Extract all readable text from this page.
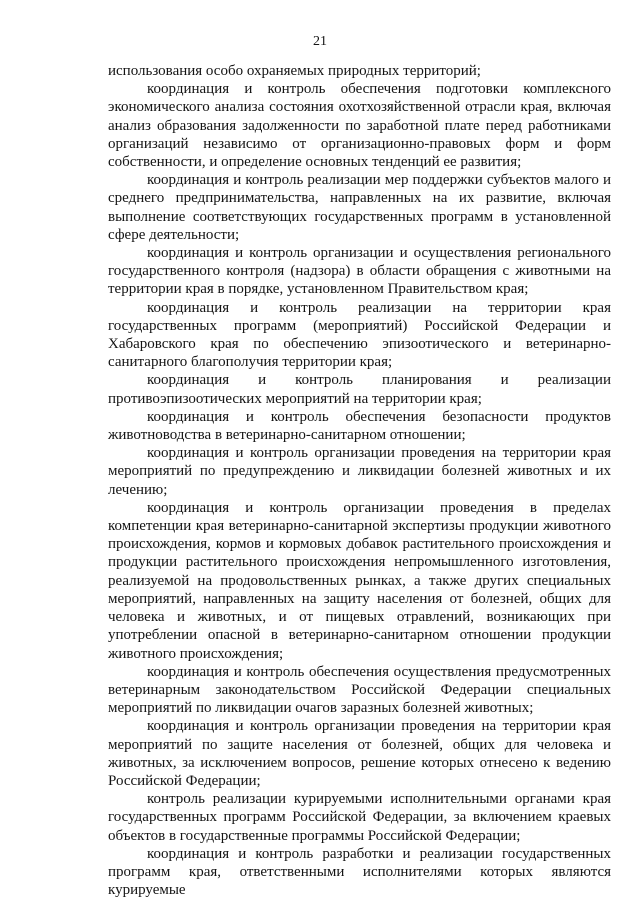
21

использования особо охраняемых природных территорий;

координация и контроль обеспечения подготовки комплексного экономического анализа состояния охотхозяйственной отрасли края, включая анализ образования задолженности по заработной плате перед работниками организаций независимо от организационно-правовых форм и форм собственности, и определение основных тенденций ее развития;

координация и контроль реализации мер поддержки субъектов малого и среднего предпринимательства, направленных на их развитие, включая выполнение соответствующих государственных программ в установленной сфере деятельности;

координация и контроль организации и осуществления регионального государственного контроля (надзора) в области обращения с животными на территории края в порядке, установленном Правительством края;

координация и контроль реализации на территории края государственных программ (мероприятий) Российской Федерации и Хабаровского края по обеспечению эпизоотического и ветеринарно-санитарного благополучия территории края;

координация и контроль планирования и реализации противоэпизоотических мероприятий на территории края;

координация и контроль обеспечения безопасности продуктов животноводства в ветеринарно-санитарном отношении;

координация и контроль организации проведения на территории края мероприятий по предупреждению и ликвидации болезней животных и их лечению;

координация и контроль организации проведения в пределах компетенции края ветеринарно-санитарной экспертизы продукции животного происхождения, кормов и кормовых добавок растительного происхождения и продукции растительного происхождения непромышленного изготовления, реализуемой на продовольственных рынках, а также других специальных мероприятий, направленных на защиту населения от болезней, общих для человека и животных, и от пищевых отравлений, возникающих при употреблении опасной в ветеринарно-санитарном отношении продукции животного происхождения;

координация и контроль обеспечения осуществления предусмотренных ветеринарным законодательством Российской Федерации специальных мероприятий по ликвидации очагов заразных болезней животных;

координация и контроль организации проведения на территории края мероприятий по защите населения от болезней, общих для человека и животных, за исключением вопросов, решение которых отнесено к ведению Российской Федерации;

контроль реализации курируемыми исполнительными органами края государственных программ Российской Федерации, за включением краевых объектов в государственные программы Российской Федерации;

координация и контроль разработки и реализации государственных программ края, ответственными исполнителями которых являются курируемые
